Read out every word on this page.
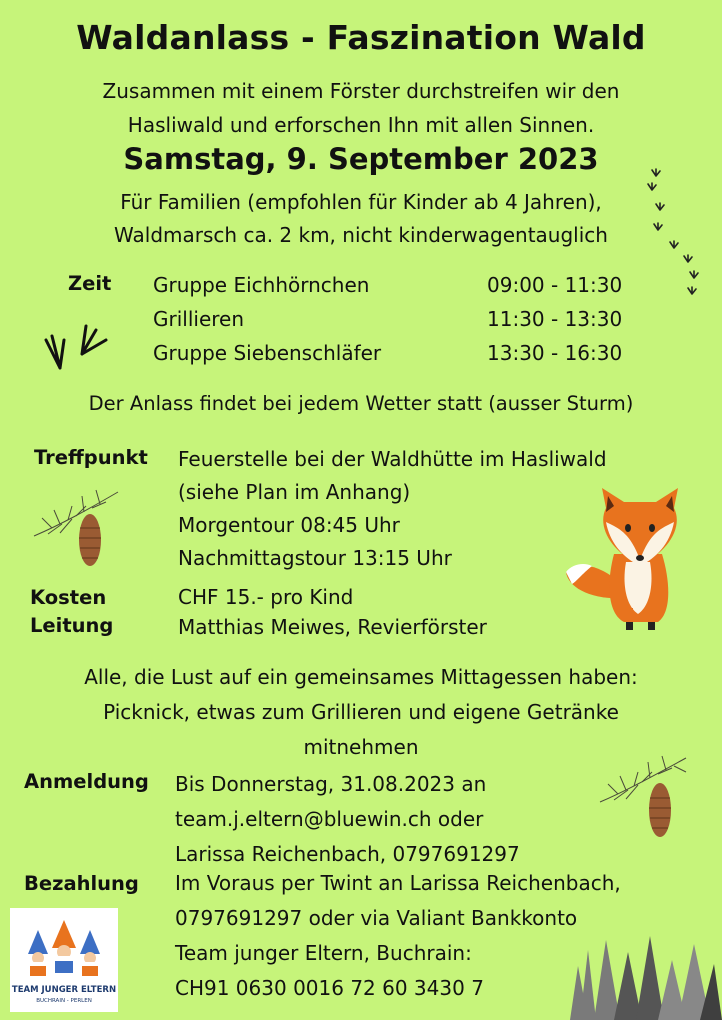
Waldanlass - Faszination Wald
Zusammen mit einem Förster durchstreifen wir den
Hasliwald und erforschen Ihn mit allen Sinnen.
Samstag, 9. September 2023
Für Familien (empfohlen für Kinder ab 4 Jahren),
Waldmarsch ca. 2 km, nicht kinderwagentauglich
Zeit Gruppe Eichhörnchen
Grillieren
Gruppe Siebenschläfer
09:00 - 11:30
11:30 - 13:30
13:30 - 16:30
Der Anlass findet bei jedem Wetter statt (ausser Sturm)
Treffpunkt Feuerstelle bei der Waldhütte im Hasliwald
(siehe Plan im Anhang)
Morgentour 08:45 Uhr
Nachmittagstour 13:15 Uhr
Kosten
Leitung
CHF 15.- pro Kind
Matthias Meiwes, Revierförster
Alle, die Lust auf ein gemeinsames Mittagessen haben:
Picknick, etwas zum Grillieren und eigene Getränke
mitnehmen
Anmeldung Bis Donnerstag, 31.08.2023 an
team.j.eltern@bluewin.ch oder
Larissa Reichenbach, 0797691297
Bezahlung Im Voraus per Twint an Larissa Reichenbach,
0797691297 oder via Valiant Bankkonto
Team junger Eltern, Buchrain:
CH91 0630 0016 72 60 3430 7
TEAM JUNGER ELTERN
BUCHRAIN - PERLEN
